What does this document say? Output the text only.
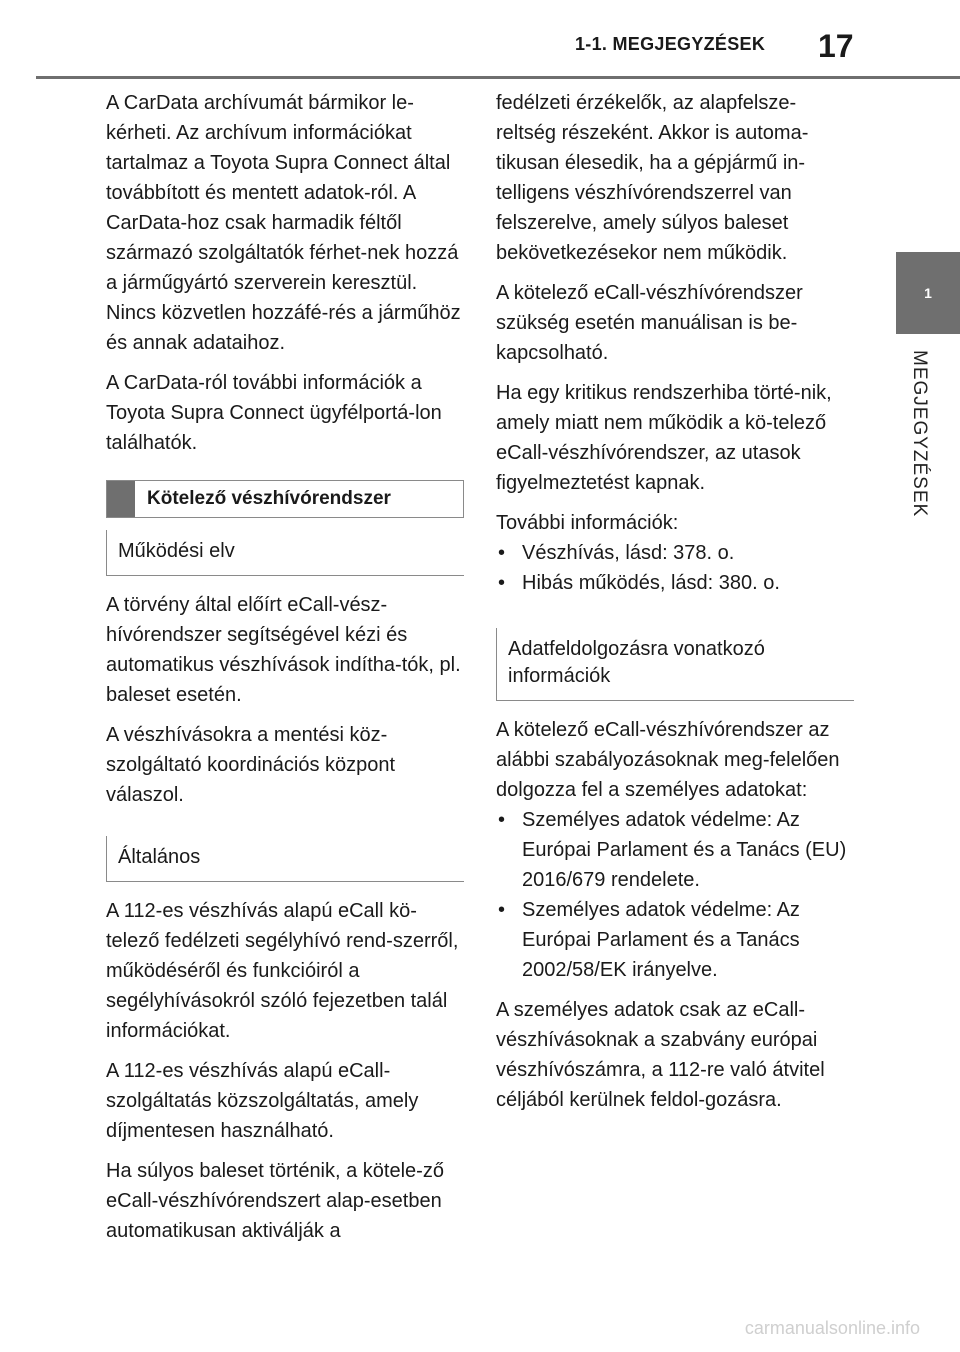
1-1. MEGJEGYZÉSEK 17
1
MEGJEGYZÉSEK

A CarData archívumát bármikor le-kérheti. Az archívum információkat tartalmaz a Toyota Supra Connect által továbbított és mentett adatok-ról. A CarData-hoz csak harmadik féltől származó szolgáltatók férhet-nek hozzá a járműgyártó szerverein keresztül. Nincs közvetlen hozzáfé-rés a járműhöz és annak adataihoz.

A CarData-ról további információk a Toyota Supra Connect ügyfélportá-lon találhatók.

Kötelező vészhívórendszer
Működési elv

A törvény által előírt eCall-vész-hívórendszer segítségével kézi és automatikus vészhívások indítha-tók, pl. baleset esetén.

A vészhívásokra a mentési köz-szolgáltató koordinációs központ válaszol.

Általános

A 112-es vészhívás alapú eCall kö-telező fedélzeti segélyhívó rend-szerről, működéséről és funkcióiról a segélyhívásokról szóló fejezetben talál információkat.

A 112-es vészhívás alapú eCall-szolgáltatás közszolgáltatás, amely díjmentesen használható.

Ha súlyos baleset történik, a kötele-ző eCall-vészhívórendszert alap-esetben automatikusan aktiválják a

fedélzeti érzékelők, az alapfelsze-reltség részeként. Akkor is automa-tikusan élesedik, ha a gépjármű in-telligens vészhívórendszerrel van felszerelve, amely súlyos baleset bekövetkezésekor nem működik.

A kötelező eCall-vészhívórendszer szükség esetén manuálisan is be-kapcsolható.

Ha egy kritikus rendszerhiba törté-nik, amely miatt nem működik a kö-telező eCall-vészhívórendszer, az utasok figyelmeztetést kapnak.

További információk:

• Vészhívás, lásd: 378. o.
• Hibás működés, lásd: 380. o.
Adatfeldolgozásra vonatkozó információk

A kötelező eCall-vészhívórendszer az alábbi szabályozásoknak meg-felelően dolgozza fel a személyes adatokat:

• Személyes adatok védelme: Az Európai Parlament és a Tanács (EU) 2016/679 rendelete.
• Személyes adatok védelme: Az Európai Parlament és a Tanács 2002/58/EK irányelve.

A személyes adatok csak az eCall-vészhívásoknak a szabvány európai vészhívószámra, a 112-re való átvitel céljából kerülnek feldol-gozásra.

carmanualsonline.info
